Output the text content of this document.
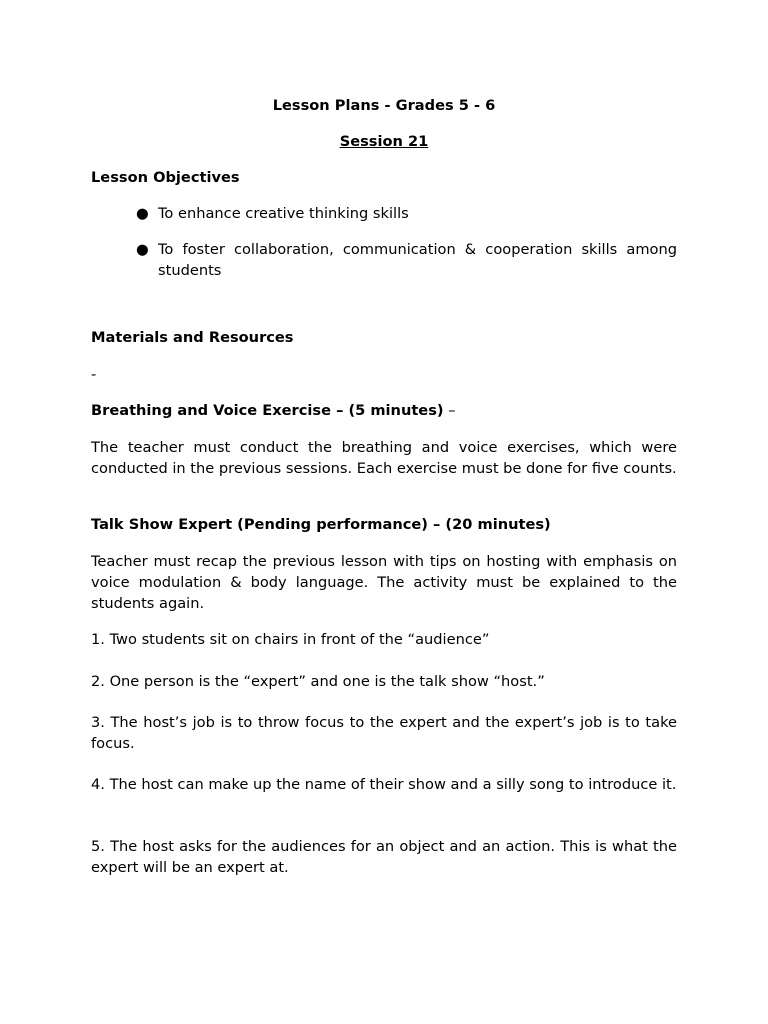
Lesson Plans - Grades 5 - 6

Session 21

Lesson Objectives

● To enhance creative thinking skills
● To foster collaboration, communication & cooperation skills among students

Materials and Resources

-

Breathing and Voice Exercise – (5 minutes) –

The teacher must conduct the breathing and voice exercises, which were conducted in the previous sessions. Each exercise must be done for five counts.

Talk Show Expert (Pending performance) – (20 minutes)

Teacher must recap the previous lesson with tips on hosting with emphasis on voice modulation & body language. The activity must be explained to the students again.

1. Two students sit on chairs in front of the “audience”

2. One person is the “expert” and one is the talk show “host.”

3. The host’s job is to throw focus to the expert and the expert’s job is to take focus.

4. The host can make up the name of their show and a silly song to introduce it.

5. The host asks for the audiences for an object and an action. This is what the expert will be an expert at.
